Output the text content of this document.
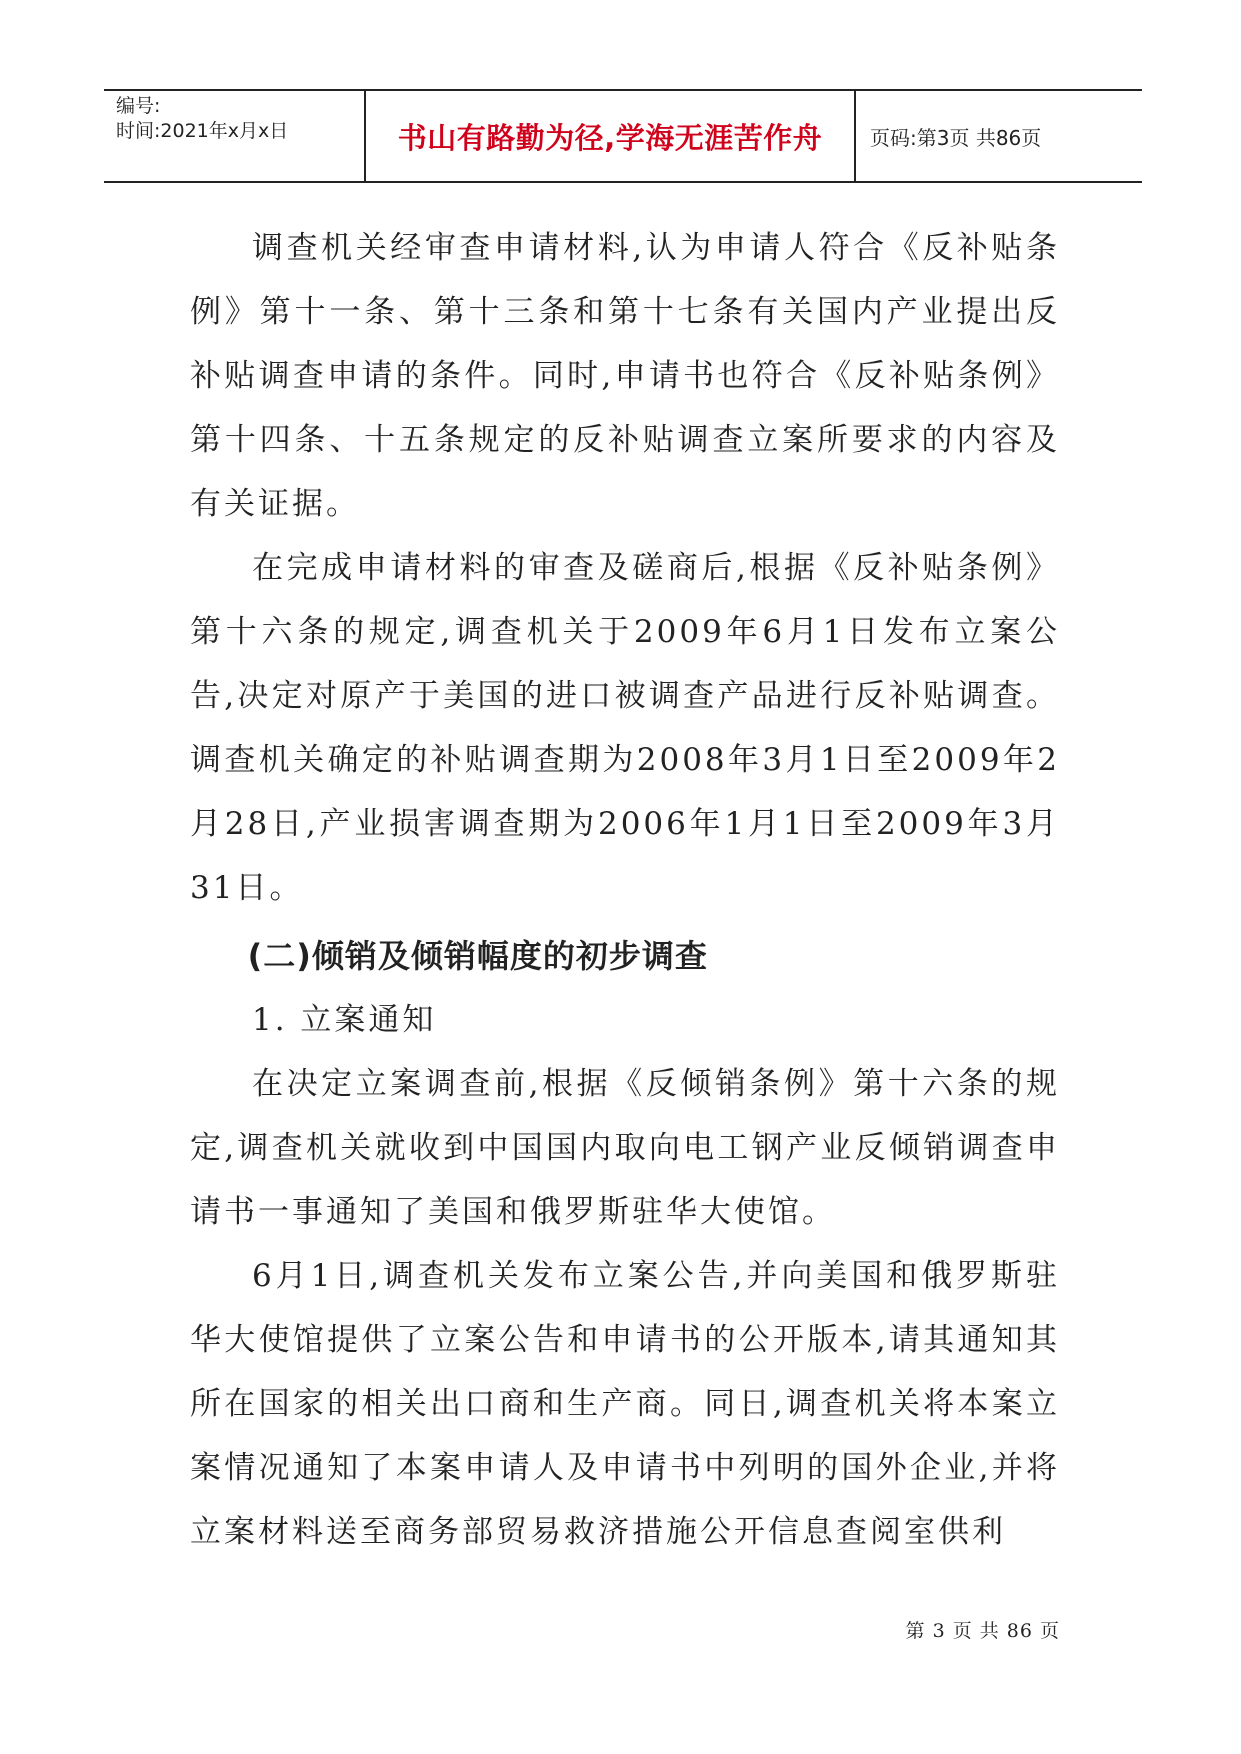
编号:
时间:2021年x月x日	书山有路勤为径,学海无涯苦作舟	页码:第3页 共86页

调查机关经审查申请材料,认为申请人符合《反补贴条例》第十一条、第十三条和第十七条有关国内产业提出反补贴调查申请的条件。同时,申请书也符合《反补贴条例》第十四条、十五条规定的反补贴调查立案所要求的内容及有关证据。

在完成申请材料的审查及磋商后,根据《反补贴条例》第十六条的规定,调查机关于2009年6月1日发布立案公告,决定对原产于美国的进口被调查产品进行反补贴调查。调查机关确定的补贴调查期为2008年3月1日至2009年2月28日,产业损害调查期为2006年1月1日至2009年3月31日。

(二)倾销及倾销幅度的初步调查

1. 立案通知

在决定立案调查前,根据《反倾销条例》第十六条的规定,调查机关就收到中国国内取向电工钢产业反倾销调查申请书一事通知了美国和俄罗斯驻华大使馆。

6月1日,调查机关发布立案公告,并向美国和俄罗斯驻华大使馆提供了立案公告和申请书的公开版本,请其通知其所在国家的相关出口商和生产商。同日,调查机关将本案立案情况通知了本案申请人及申请书中列明的国外企业,并将立案材料送至商务部贸易救济措施公开信息查阅室供利

第 3 页 共 86 页
